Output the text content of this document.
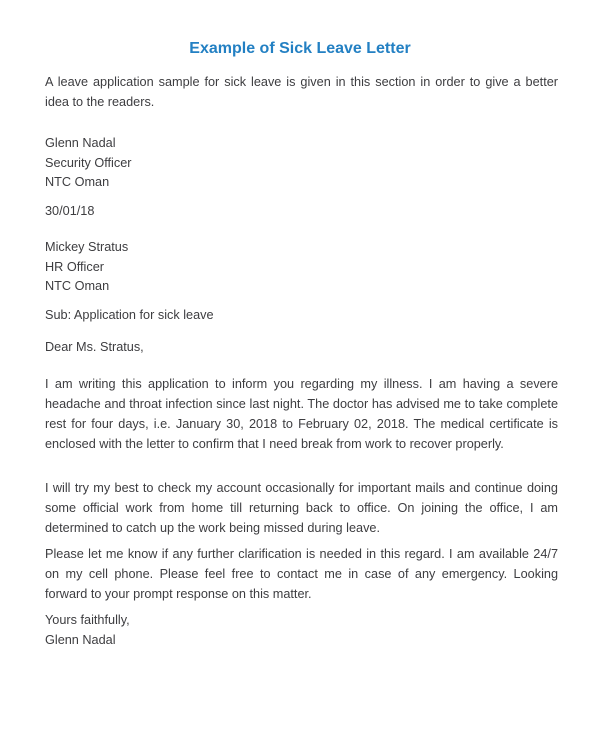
Example of Sick Leave Letter

A leave application sample for sick leave is given in this section in order to give a better idea to the readers.

Glenn Nadal
Security Officer
NTC Oman
30/01/18
Mickey Stratus
HR Officer
NTC Oman
Sub: Application for sick leave
Dear Ms. Stratus,

I am writing this application to inform you regarding my illness. I am having a severe headache and throat infection since last night. The doctor has advised me to take complete rest for four days, i.e. January 30, 2018 to February 02, 2018. The medical certificate is enclosed with the letter to confirm that I need break from work to recover properly.

I will try my best to check my account occasionally for important mails and continue doing some official work from home till returning back to office. On joining the office, I am determined to catch up the work being missed during leave.

Please let me know if any further clarification is needed in this regard. I am available 24/7 on my cell phone. Please feel free to contact me in case of any emergency. Looking forward to your prompt response on this matter.

Yours faithfully,
Glenn Nadal
